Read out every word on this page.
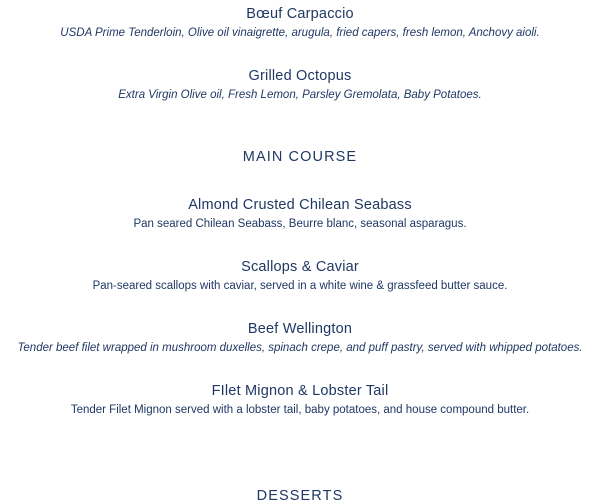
Bœuf Carpaccio
USDA Prime Tenderloin, Olive oil vinaigrette, arugula, fried capers, fresh lemon, Anchovy aioli.
Grilled Octopus
Extra Virgin Olive oil, Fresh Lemon, Parsley Gremolata, Baby Potatoes.
MAIN COURSE
Almond Crusted Chilean Seabass
Pan seared Chilean Seabass, Beurre blanc, seasonal asparagus.
Scallops & Caviar
Pan-seared scallops with caviar, served in a white wine & grassfeed butter sauce.
Beef Wellington
Tender beef filet wrapped in mushroom duxelles, spinach crepe, and puff pastry, served with whipped potatoes.
FIlet Mignon & Lobster Tail
Tender Filet Mignon served with a lobster tail, baby potatoes, and house compound butter.
DESSERTS
